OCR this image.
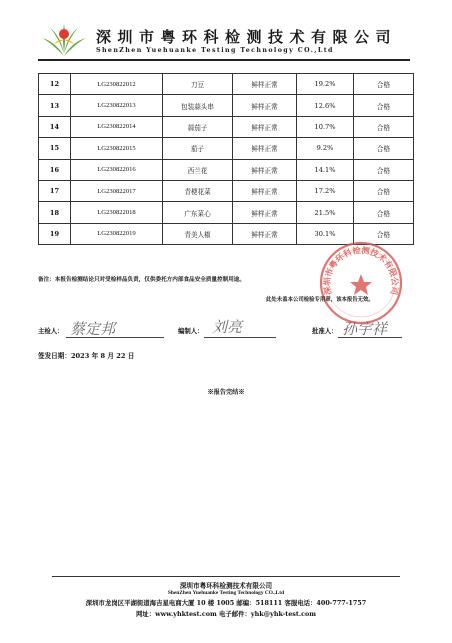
深圳市粤环科检测技术有限公司
ShenZhen Yuehuanke Testing Technology CO.,Ltd
12	LG230822012	刀豆	鲜样正常	19.2%	合格
13	LG230822013	包装蒜头串	鲜样正常	12.6%	合格
14	LG230822014	蒜茄子	鲜样正常	10.7%	合格
15	LG230822015	茄子	鲜样正常	9.2%	合格
16	LG230822016	西兰花	鲜样正常	14.1%	合格
17	LG230822017	青梗花菜	鲜样正常	17.2%	合格
18	LG230822018	广东菜心	鲜样正常	21.5%	合格
19	LG230822019	青美人椒	鲜样正常	30.1%	合格
备注：本报告检测结论只对受检样品负责，仅供委托方内部食品安全质量控制用途。
深圳市粤环科检测技术有限公司
此处未盖本公司检验专用章，该本报告无效。
主检人： 蔡定邦	编制人： 刘亮	批准人： 孙宇祥
签发日期：2023 年 8 月 22 日
※报告完结※
深圳市粤环科检测技术有限公司
ShenZhen Yuehuanke Testing Technology CO.,Ltd
深圳市龙岗区平湖街道海吉星电商大厦 10 楼 1005 邮编：518111 客服电话：400-777-1757
网址：www.yhktest.com 电子邮件：yhk@yhk-test.com
